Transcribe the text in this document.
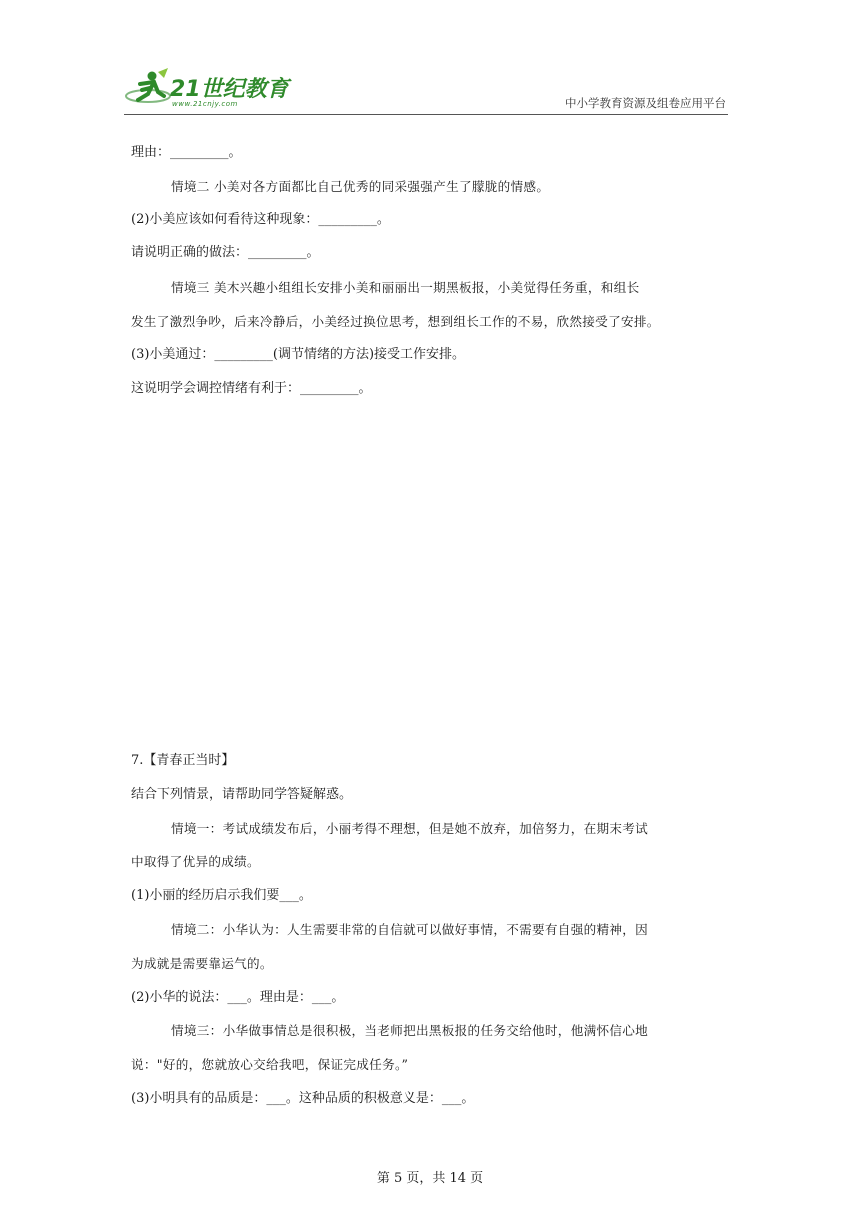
21世纪教育
www.21cnjy.com	中小学教育资源及组卷应用平台
理由：_________。
情境二 小美对各方面都比自己优秀的同采强强产生了朦胧的情感。
(2)小美应该如何看待这种现象：_________。
请说明正确的做法：_________。
情境三 美木兴趣小组组长安排小美和丽丽出一期黑板报，小美觉得任务重，和组长
发生了激烈争吵，后来冷静后，小美经过换位思考，想到组长工作的不易，欣然接受了安排。
(3)小美通过：_________(调节情绪的方法)接受工作安排。
这说明学会调控情绪有利于：_________。
7.【青春正当时】
结合下列情景，请帮助同学答疑解惑。
情境一：考试成绩发布后，小丽考得不理想，但是她不放弃，加倍努力，在期末考试
中取得了优异的成绩。
(1)小丽的经历启示我们要___。
情境二：小华认为：人生需要非常的自信就可以做好事情，不需要有自强的精神，因
为成就是需要靠运气的。
(2)小华的说法：___。理由是：___。
情境三：小华做事情总是很积极，当老师把出黑板报的任务交给他时，他满怀信心地
说："好的，您就放心交给我吧，保证完成任务。”
(3)小明具有的品质是：___。这种品质的积极意义是：___。
第 5 页，共 14 页
